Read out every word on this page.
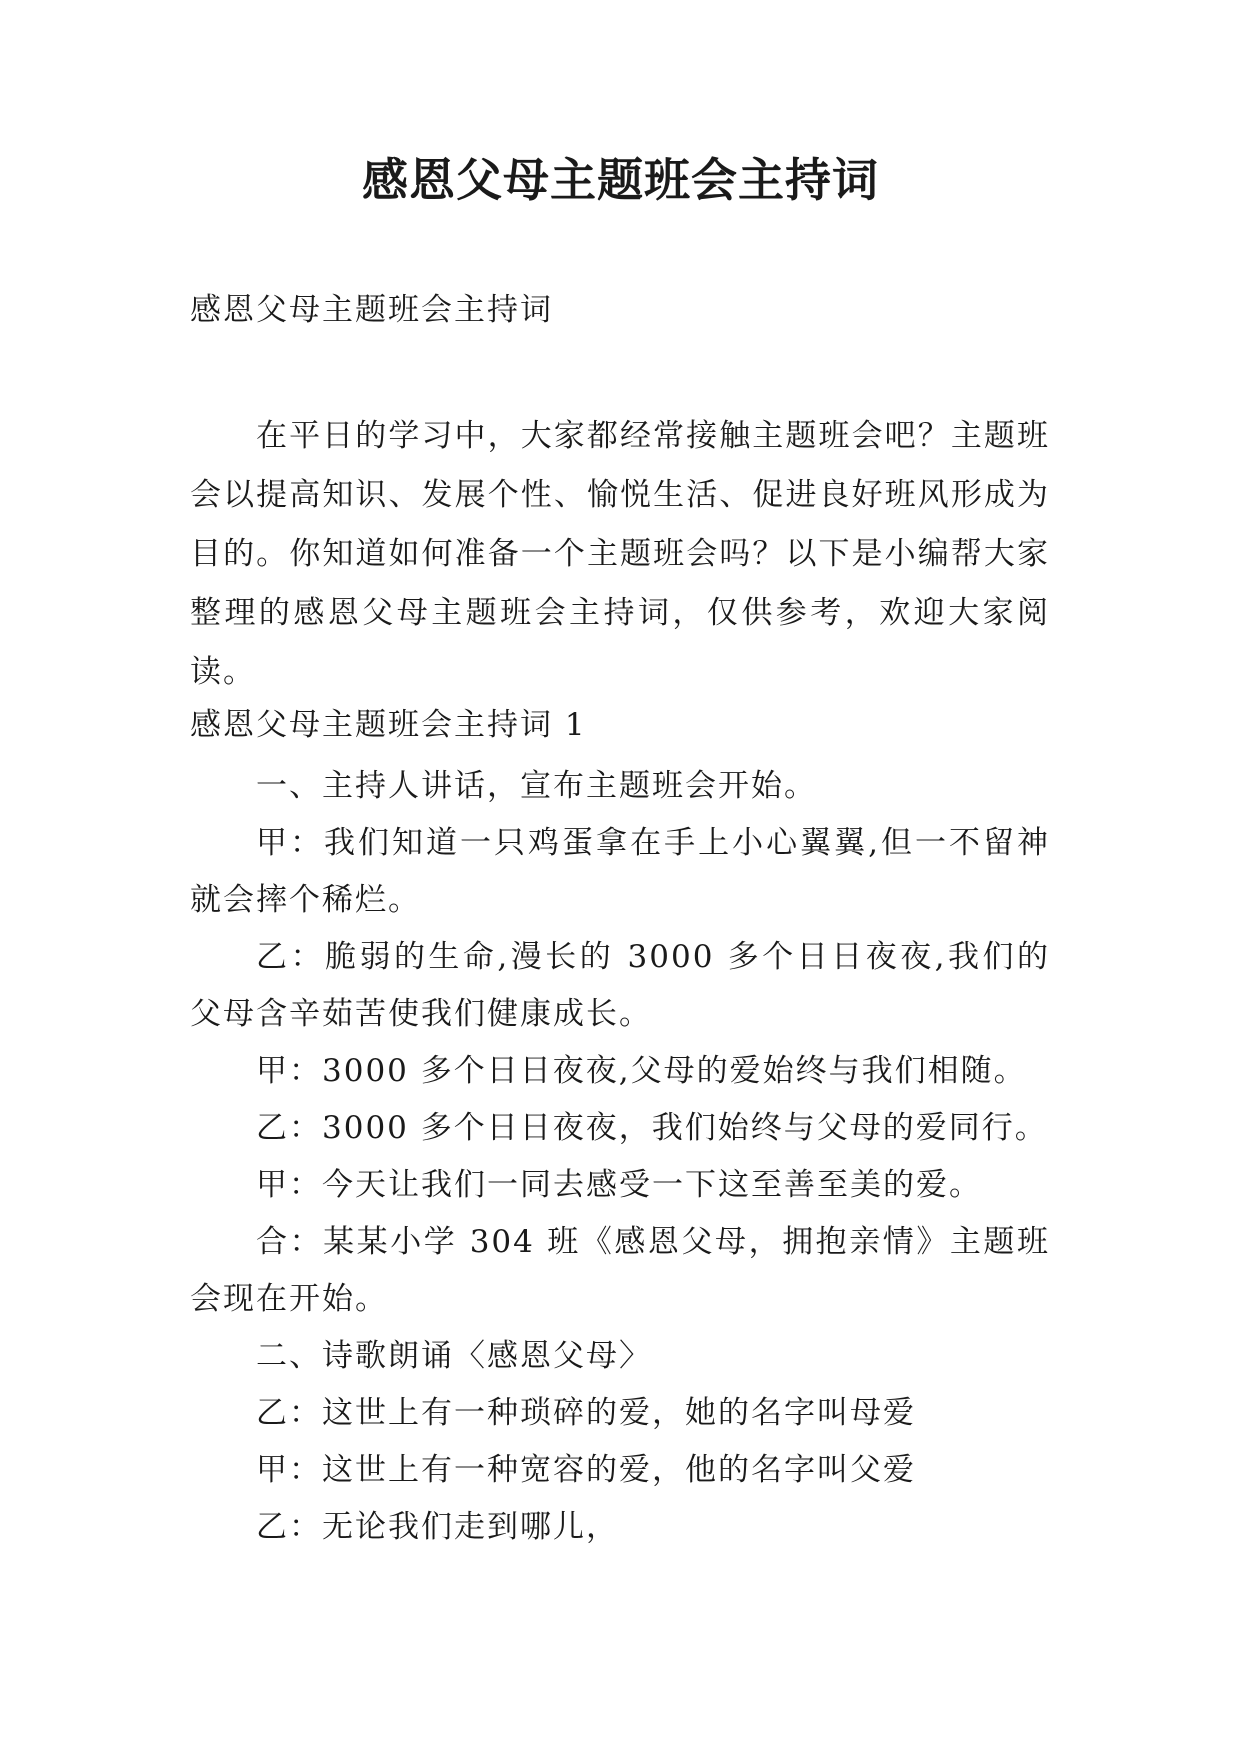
感恩父母主题班会主持词

感恩父母主题班会主持词

在平日的学习中，大家都经常接触主题班会吧？主题班会以提高知识、发展个性、愉悦生活、促进良好班风形成为目的。你知道如何准备一个主题班会吗？以下是小编帮大家整理的感恩父母主题班会主持词，仅供参考，欢迎大家阅读。

感恩父母主题班会主持词 1

一、主持人讲话，宣布主题班会开始。

甲：我们知道一只鸡蛋拿在手上小心翼翼,但一不留神就会摔个稀烂。

乙：脆弱的生命,漫长的 3000 多个日日夜夜,我们的父母含辛茹苦使我们健康成长。

甲：3000 多个日日夜夜,父母的爱始终与我们相随。

乙：3000 多个日日夜夜，我们始终与父母的爱同行。

甲：今天让我们一同去感受一下这至善至美的爱。

合：某某小学 304 班《感恩父母，拥抱亲情》主题班会现在开始。

二、诗歌朗诵〈感恩父母〉

乙：这世上有一种琐碎的爱，她的名字叫母爱

甲：这世上有一种宽容的爱，他的名字叫父爱

乙：无论我们走到哪儿，
